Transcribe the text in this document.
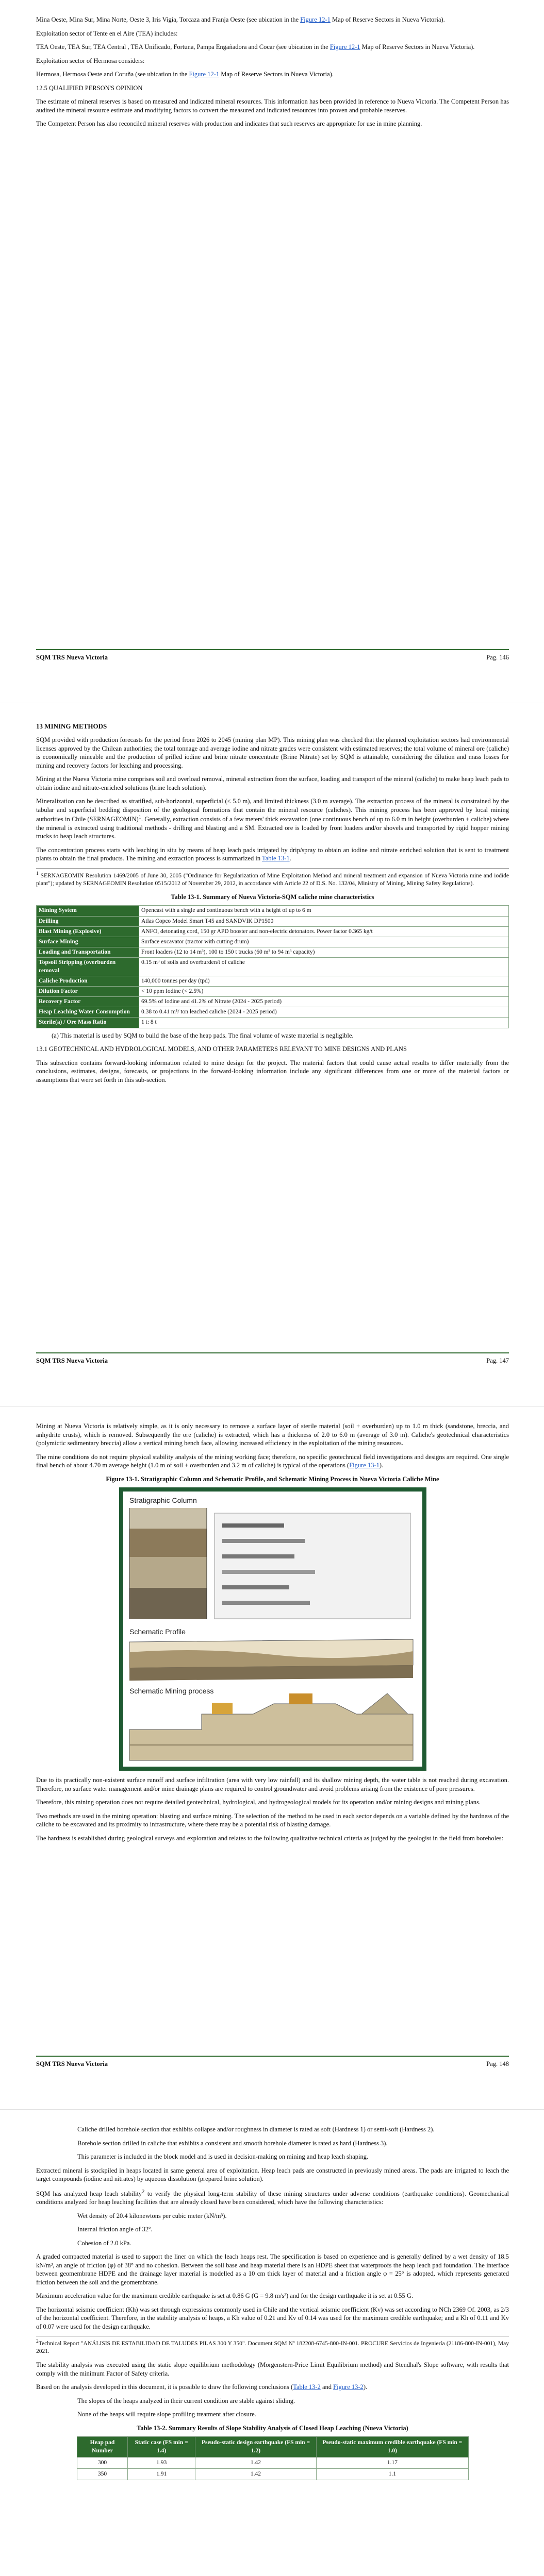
Mina Oeste, Mina Sur, Mina Norte, Oeste 3, Iris Vigía, Torcaza and Franja Oeste (see ubication in the Figure 12-1 Map of Reserve Sectors in Nueva Victoria).

Exploitation sector of Tente en el Aire (TEA) includes:

TEA Oeste, TEA Sur, TEA Central , TEA Unificado, Fortuna, Pampa Engañadora and Cocar (see ubication in the Figure 12-1 Map of Reserve Sectors in Nueva Victoria).

Exploitation sector of Hermosa considers:

Hermosa, Hermosa Oeste and Coruña (see ubication in the Figure 12-1 Map of Reserve Sectors in Nueva Victoria).

12.5 QUALIFIED PERSON'S OPINION

The estimate of mineral reserves is based on measured and indicated mineral resources. This information has been provided in reference to Nueva Victoria. The Competent Person has audited the mineral resource estimate and modifying factors to convert the measured and indicated resources into proven and probable reserves.

The Competent Person has also reconciled mineral reserves with production and indicates that such reserves are appropriate for use in mine planning.

SQM TRS Nueva Victoria	Pag. 146
13 MINING METHODS

SQM provided with production forecasts for the period from 2026 to 2045 (mining plan MP). This mining plan was checked that the planned exploitation sectors had environmental licenses approved by the Chilean authorities; the total tonnage and average iodine and nitrate grades were consistent with estimated reserves; the total volume of mineral ore (caliche) is economically mineable and the production of prilled iodine and brine nitrate concentrate (Brine Nitrate) set by SQM is attainable, considering the dilution and mass losses for mining and recovery factors for leaching and processing.

Mining at the Nueva Victoria mine comprises soil and overload removal, mineral extraction from the surface, loading and transport of the mineral (caliche) to make heap leach pads to obtain iodine and nitrate-enriched solutions (brine leach solution).

Mineralization can be described as stratified, sub-horizontal, superficial (≤ 5.0 m), and limited thickness (3.0 m average). The extraction process of the mineral is constrained by the tabular and superficial bedding disposition of the geological formations that contain the mineral resource (caliches). This mining process has been approved by local mining authorities in Chile (SERNAGEOMIN)$^1$. Generally, extraction consists of a few meters' thick excavation (one continuous bench of up to 6.0 m in height (overburden + caliche) where the mineral is extracted using traditional methods - drilling and blasting and a SM. Extracted ore is loaded by front loaders and/or shovels and transported by rigid hopper mining trucks to heap leach structures.

The concentration process starts with leaching in situ by means of heap leach pads irrigated by drip/spray to obtain an iodine and nitrate enriched solution that is sent to treatment plants to obtain the final products. The mining and extraction process is summarized in Table 13-1.

$^1$ SERNAGEOMIN Resolution 1469/2005 of June 30, 2005 ("Ordinance for Regularization of Mine Exploitation Method and mineral treatment and expansion of Nueva Victoria mine and iodide plant"); updated by SERNAGEOMIN Resolution 0515/2012 of November 29, 2012, in accordance with Article 22 of D.S. No. 132/04, Ministry of Mining, Mining Safety Regulations).

Table 13-1. Summary of Nueva Victoria-SQM caliche mine characteristics
Mining System	Opencast with a single and continuous bench with a height of up to 6 m
Drilling	Atlas Copco Model Smart T45 and SANDVIK DP1500
Blast Mining (Explosive)	ANFO, detonating cord, 150 gr APD booster and non-electric detonators. Power factor 0.365 kg/t
Surface Mining	Surface excavator (tractor with cutting drum)
Loading and Transportation	Front loaders (12 to 14 m³), 100 to 150 t trucks (60 m³ to 94 m³ capacity)
Topsoil Stripping (overburden removal	0.15 m³ of soils and overburden/t of caliche
Caliche Production	140,000 tonnes per day (tpd)
Dilution Factor	< 10 ppm Iodine (< 2.5%)
Recovery Factor	69.5% of Iodine and 41.2% of Nitrate (2024 - 2025 period)
Heap Leaching Water Consumption	0.38 to 0.41 m³/ ton leached caliche (2024 - 2025 period)
Sterile(a) / Ore Mass Ratio	1 t: 8 t

(a) This material is used by SQM to build the base of the heap pads. The final volume of waste material is negligible.

13.1 GEOTECHNICAL AND HYDROLOGICAL MODELS, AND OTHER PARAMETERS RELEVANT TO MINE DESIGNS AND PLANS

This subsection contains forward-looking information related to mine design for the project. The material factors that could cause actual results to differ materially from the conclusions, estimates, designs, forecasts, or projections in the forward-looking information include any significant differences from one or more of the material factors or assumptions that were set forth in this sub-section.

SQM TRS Nueva Victoria	Pag. 147

Mining at Nueva Victoria is relatively simple, as it is only necessary to remove a surface layer of sterile material (soil + overburden) up to 1.0 m thick (sandstone, breccia, and anhydrite crusts), which is removed. Subsequently the ore (caliche) is extracted, which has a thickness of 2.0 to 6.0 m (average of 3.0 m). Caliche's geotechnical characteristics (polymictic sedimentary breccia) allow a vertical mining bench face, allowing increased efficiency in the exploitation of the mining resources.

The mine conditions do not require physical stability analysis of the mining working face; therefore, no specific geotechnical field investigations and designs are required. One single final bench of about 4.70 m average height (1.0 m of soil + overburden and 3.2 m of caliche) is typical of the operations (Figure 13-1).

Figure 13-1. Stratigraphic Column and Schematic Profile, and Schematic Mining Process in Nueva Victoria Caliche Mine
Stratigraphic Column
Schematic Profile
Schematic Mining process

Due to its practically non-existent surface runoff and surface infiltration (area with very low rainfall) and its shallow mining depth, the water table is not reached during excavation. Therefore, no surface water management and/or mine drainage plans are required to control groundwater and avoid problems arising from the existence of pore pressures.

Therefore, this mining operation does not require detailed geotechnical, hydrological, and hydrogeological models for its operation and/or mining designs and mining plans.

Two methods are used in the mining operation: blasting and surface mining. The selection of the method to be used in each sector depends on a variable defined by the hardness of the caliche to be excavated and its proximity to infrastructure, where there may be a potential risk of blasting damage.

The hardness is established during geological surveys and exploration and relates to the following qualitative technical criteria as judged by the geologist in the field from boreholes:

SQM TRS Nueva Victoria	Pag. 148

Caliche drilled borehole section that exhibits collapse and/or roughness in diameter is rated as soft (Hardness 1) or semi-soft (Hardness 2).

Borehole section drilled in caliche that exhibits a consistent and smooth borehole diameter is rated as hard (Hardness 3).

This parameter is included in the block model and is used in decision-making on mining and heap leach shaping.

Extracted mineral is stockpiled in heaps located in same general area of exploitation. Heap leach pads are constructed in previously mined areas. The pads are irrigated to leach the target compounds (iodine and nitrates) by aqueous dissolution (prepared brine solution).

SQM has analyzed heap leach stability$^2$ to verify the physical long-term stability of these mining structures under adverse conditions (earthquake conditions). Geomechanical conditions analyzed for heap leaching facilities that are already closed have been considered, which have the following characteristics:

Wet density of 20.4 kilonewtons per cubic meter (kN/m³).

Internal friction angle of 32º.

Cohesion of 2.0 kPa.

A graded compacted material is used to support the liner on which the leach heaps rest. The specification is based on experience and is generally defined by a wet density of 18.5 kN/m³, an angle of friction (φ) of 38° and no cohesion. Between the soil base and heap material there is an HDPE sheet that waterproofs the heap leach pad foundation. The interface between geomembrane HDPE and the drainage layer material is modelled as a 10 cm thick layer of material and a friction angle φ = 25° is adopted, which represents generated friction between the soil and the geomembrane.

Maximum acceleration value for the maximum credible earthquake is set at 0.86 G (G = 9.8 m/s²) and for the design earthquake it is set at 0.55 G.

The horizontal seismic coefficient (Kh) was set through expressions commonly used in Chile and the vertical seismic coefficient (Kv) was set according to NCh 2369 Of. 2003, as 2/3 of the horizontal coefficient. Therefore, in the stability analysis of heaps, a Kh value of 0.21 and Kv of 0.14 was used for the maximum credible earthquake; and a Kh of 0.11 and Kv of 0.07 were used for the design earthquake.

$^2$Technical Report "ANÁLISIS DE ESTABILIDAD DE TALUDES PILAS 300 Y 350". Document SQM Nº 182208-6745-800-IN-001. PROCURE Servicios de Ingeniería (21186-800-IN-001), May 2021.

The stability analysis was executed using the static slope equilibrium methodology (Morgenstern-Price Limit Equilibrium method) and Stendhal's Slope software, with results that comply with the minimum Factor of Safety criteria.

Based on the analysis developed in this document, it is possible to draw the following conclusions (Table 13-2 and Figure 13-2).

The slopes of the heaps analyzed in their current condition are stable against sliding.

None of the heaps will require slope profiling treatment after closure.

Table 13-2. Summary Results of Slope Stability Analysis of Closed Heap Leaching (Nueva Victoria)
Heap pad Number	Static case (FS min = 1.4)	Pseudo-static design earthquake (FS min = 1.2)	Pseudo-static maximum credible earthquake (FS min = 1.0)
300	1.93	1.42	1.17
350	1.91	1.42	1.1
